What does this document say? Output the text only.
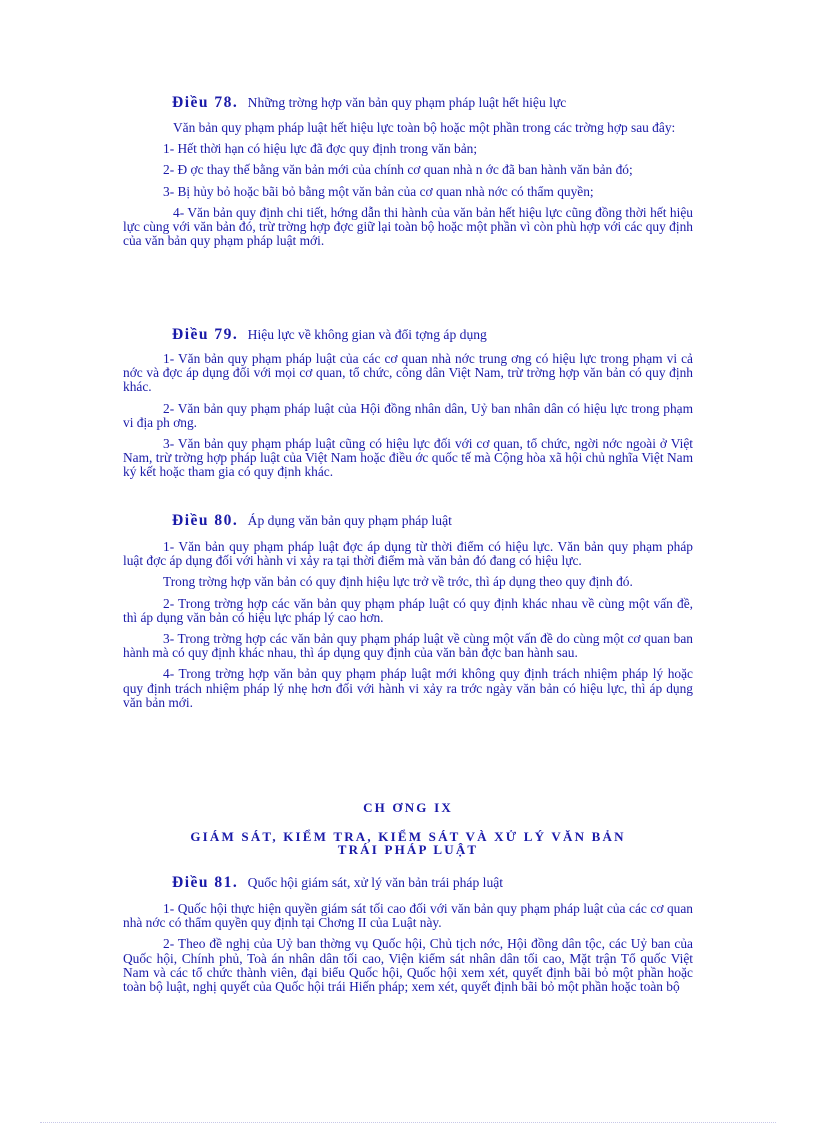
Điều 78. Những trờng hợp văn bản quy phạm pháp luật hết hiệu lực

Văn bản quy phạm pháp luật hết hiệu lực toàn bộ hoặc một phần trong các trờng hợp sau đây:

1- Hết thời hạn có hiệu lực đã đợc quy định trong văn bản;

2- Đ ợc thay thế bằng văn bản mới của chính cơ quan nhà n ớc đã ban hành văn bản đó;

3- Bị hủy bỏ hoặc bãi bỏ bằng một văn bản của cơ quan nhà nớc có thẩm quyền;

4- Văn bản quy định chi tiết, hớng dẫn thi hành của văn bản hết hiệu lực cũng đồng thời hết hiệu lực cùng với văn bản đó, trừ trờng hợp đợc giữ lại toàn bộ hoặc một phần vì còn phù hợp với các quy định của văn bản quy phạm pháp luật mới.

Điều 79. Hiệu lực về không gian và đối tợng áp dụng

1- Văn bản quy phạm pháp luật của các cơ quan nhà nớc trung ơng có hiệu lực trong phạm vi cả nớc và đợc áp dụng đối với mọi cơ quan, tổ chức, công dân Việt Nam, trừ trờng hợp văn bản có quy định khác.

2- Văn bản quy phạm pháp luật của Hội đồng nhân dân, Uỷ ban nhân dân có hiệu lực trong phạm vi địa ph ơng.

3- Văn bản quy phạm pháp luật cũng có hiệu lực đối với cơ quan, tổ chức, ngời nớc ngoài ở Việt Nam, trừ trờng hợp pháp luật của Việt Nam hoặc điều ớc quốc tế mà Cộng hòa xã hội chủ nghĩa Việt Nam ký kết hoặc tham gia có quy định khác.

Điều 80. Áp dụng văn bản quy phạm pháp luật

1- Văn bản quy phạm pháp luật đợc áp dụng từ thời điểm có hiệu lực. Văn bản quy phạm pháp luật đợc áp dụng đối với hành vi xảy ra tại thời điểm mà văn bản đó đang có hiệu lực.

Trong trờng hợp văn bản có quy định hiệu lực trở về trớc, thì áp dụng theo quy định đó.

2- Trong trờng hợp các văn bản quy phạm pháp luật có quy định khác nhau về cùng một vấn đề, thì áp dụng văn bản có hiệu lực pháp lý cao hơn.

3- Trong trờng hợp các văn bản quy phạm pháp luật về cùng một vấn đề do cùng một cơ quan ban hành mà có quy định khác nhau, thì áp dụng quy định của văn bản đợc ban hành sau.

4- Trong trờng hợp văn bản quy phạm pháp luật mới không quy định trách nhiệm pháp lý hoặc quy định trách nhiệm pháp lý nhẹ hơn đối với hành vi xảy ra trớc ngày văn bản có hiệu lực, thì áp dụng văn bản mới.

CH ƠNG IX
GIÁM SÁT, KIỂM TRA, KIỂM SÁT VÀ XỬ LÝ VĂN BẢN
TRÁI PHÁP LUẬT
Điều 81. Quốc hội giám sát, xử lý văn bản trái pháp luật

1- Quốc hội thực hiện quyền giám sát tối cao đối với văn bản quy phạm pháp luật của các cơ quan nhà nớc có thẩm quyền quy định tại Chơng II của Luật này.

2- Theo đề nghị của Uỷ ban thờng vụ Quốc hội, Chủ tịch nớc, Hội đồng dân tộc, các Uỷ ban của Quốc hội, Chính phủ, Toà án nhân dân tối cao, Viện kiểm sát nhân dân tối cao, Mặt trận Tổ quốc Việt Nam và các tổ chức thành viên, đại biểu Quốc hội, Quốc hội xem xét, quyết định bãi bỏ một phần hoặc toàn bộ luật, nghị quyết của Quốc hội trái Hiến pháp; xem xét, quyết định bãi bỏ một phần hoặc toàn bộ
